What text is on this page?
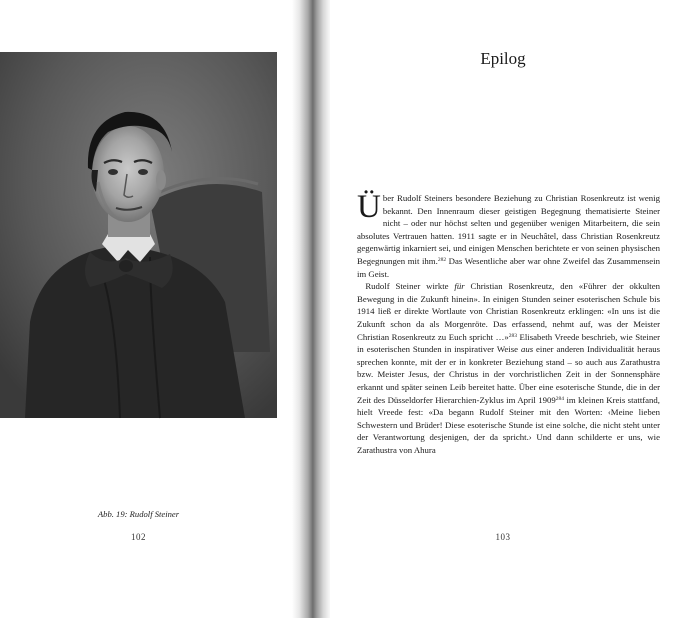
Abb. 19: Rudolf Steiner
102
Epilog

Über Rudolf Steiners besondere Beziehung zu Christian Rosenkreutz ist wenig bekannt. Den Innenraum dieser geistigen Begegnung thematisierte Steiner nicht – oder nur höchst selten und gegenüber wenigen Mitarbeitern, die sein absolutes Vertrauen hatten. 1911 sagte er in Neuchâtel, dass Christian Rosenkreutz gegenwärtig inkarniert sei, und einigen Menschen berichtete er von seinen physischen Begegnungen mit ihm.$^{282}$ Das Wesentliche aber war ohne Zweifel das Zusammensein im Geist.

Rudolf Steiner wirkte für Christian Rosenkreutz, den «Führer der okkulten Bewegung in die Zukunft hinein». In einigen Stunden seiner esoterischen Schule bis 1914 ließ er direkte Wortlaute von Christian Rosenkreutz erklingen: «In uns ist die Zukunft schon da als Morgenröte. Das erfassend, nehmt auf, was der Meister Christian Rosenkreutz zu Euch spricht …»$^{283}$ Elisabeth Vreede beschrieb, wie Steiner in esoterischen Stunden in inspirativer Weise aus einer anderen Individualität heraus sprechen konnte, mit der er in konkreter Beziehung stand – so auch aus Zarathustra bzw. Meister Jesus, der Christus in der vorchristlichen Zeit in der Sonnensphäre erkannt und später seinen Leib bereitet hatte. Über eine esoterische Stunde, die in der Zeit des Düsseldorfer Hierarchien-Zyklus im April 1909$^{284}$ im kleinen Kreis stattfand, hielt Vreede fest: «Da begann Rudolf Steiner mit den Worten: ‹Meine lieben Schwestern und Brüder! Diese esoterische Stunde ist eine solche, die nicht steht unter der Verantwortung desjenigen, der da spricht.› Und dann schilderte er uns, wie Zarathustra von Ahura

103
